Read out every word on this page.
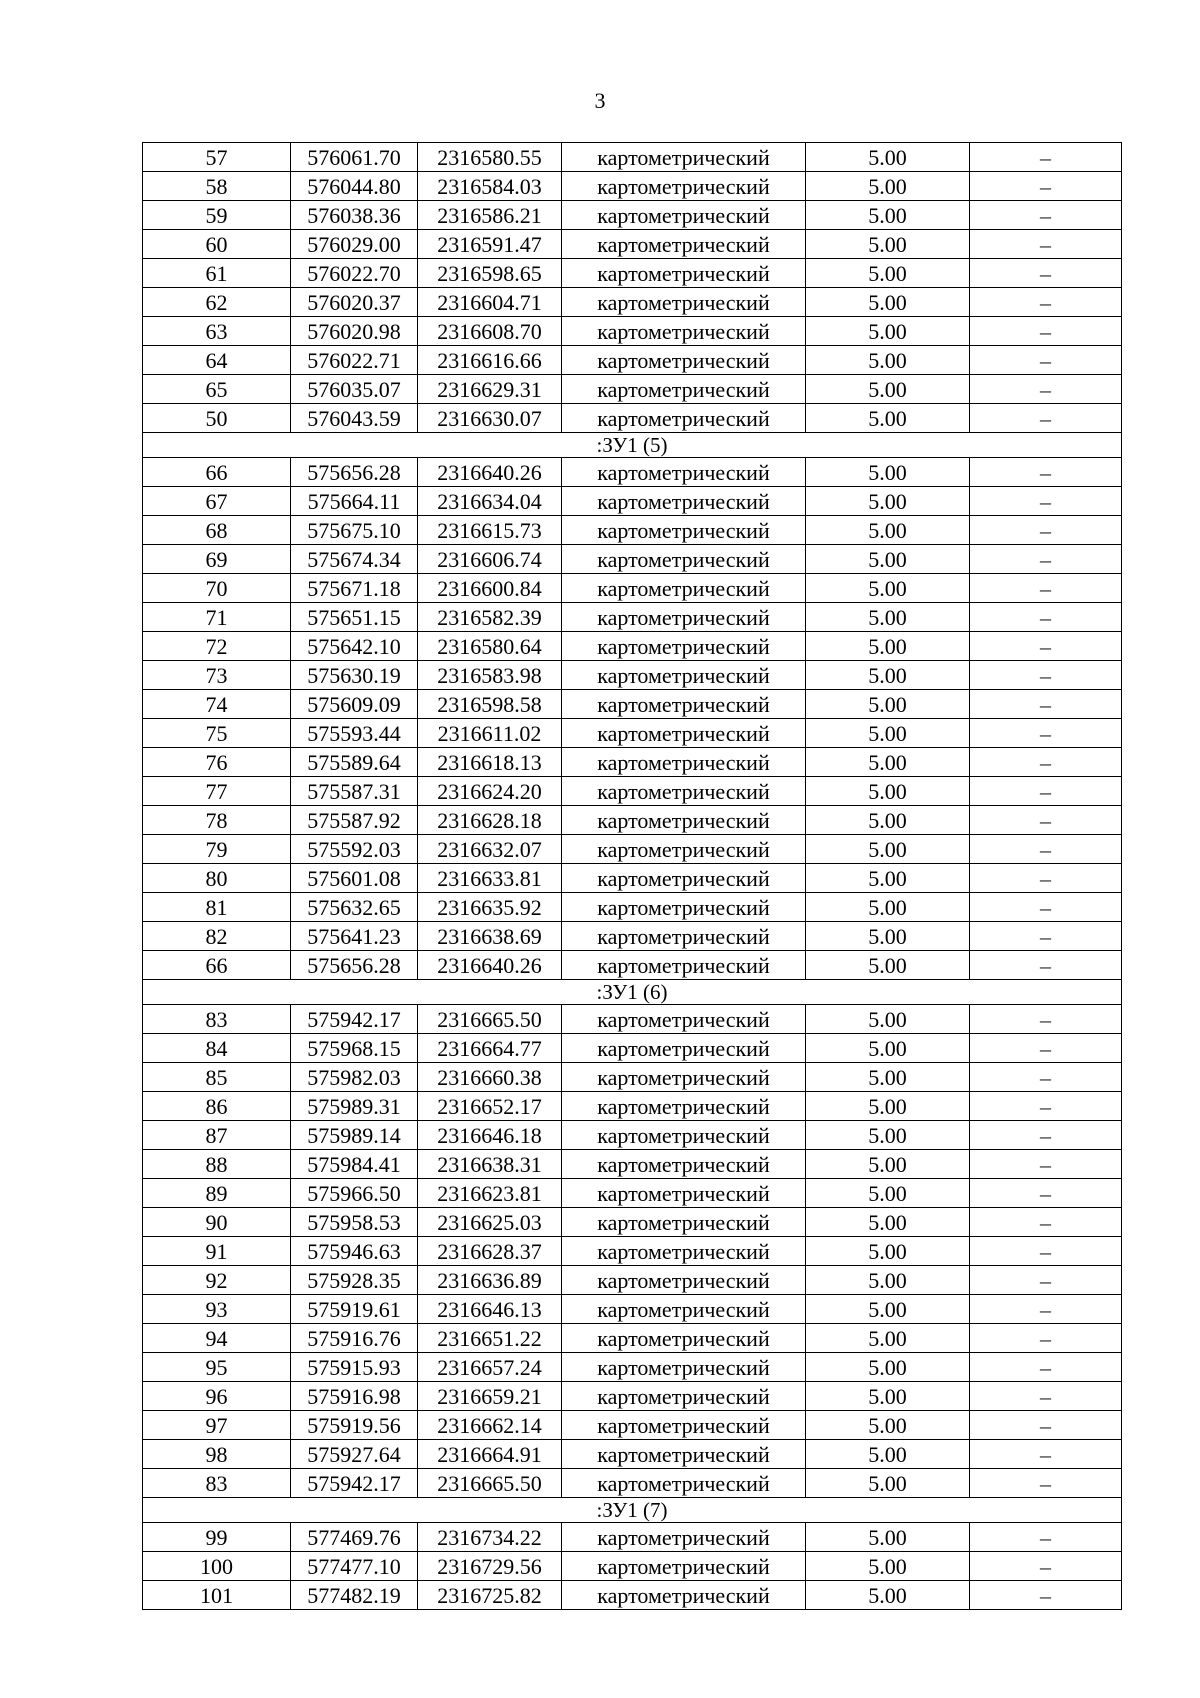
3
57	576061.70	2316580.55	картометрический	5.00	–
58	576044.80	2316584.03	картометрический	5.00	–
59	576038.36	2316586.21	картометрический	5.00	–
60	576029.00	2316591.47	картометрический	5.00	–
61	576022.70	2316598.65	картометрический	5.00	–
62	576020.37	2316604.71	картометрический	5.00	–
63	576020.98	2316608.70	картометрический	5.00	–
64	576022.71	2316616.66	картометрический	5.00	–
65	576035.07	2316629.31	картометрический	5.00	–
50	576043.59	2316630.07	картометрический	5.00	–
:ЗУ1 (5)					
66	575656.28	2316640.26	картометрический	5.00	–
67	575664.11	2316634.04	картометрический	5.00	–
68	575675.10	2316615.73	картометрический	5.00	–
69	575674.34	2316606.74	картометрический	5.00	–
70	575671.18	2316600.84	картометрический	5.00	–
71	575651.15	2316582.39	картометрический	5.00	–
72	575642.10	2316580.64	картометрический	5.00	–
73	575630.19	2316583.98	картометрический	5.00	–
74	575609.09	2316598.58	картометрический	5.00	–
75	575593.44	2316611.02	картометрический	5.00	–
76	575589.64	2316618.13	картометрический	5.00	–
77	575587.31	2316624.20	картометрический	5.00	–
78	575587.92	2316628.18	картометрический	5.00	–
79	575592.03	2316632.07	картометрический	5.00	–
80	575601.08	2316633.81	картометрический	5.00	–
81	575632.65	2316635.92	картометрический	5.00	–
82	575641.23	2316638.69	картометрический	5.00	–
66	575656.28	2316640.26	картометрический	5.00	–
:ЗУ1 (6)					
83	575942.17	2316665.50	картометрический	5.00	–
84	575968.15	2316664.77	картометрический	5.00	–
85	575982.03	2316660.38	картометрический	5.00	–
86	575989.31	2316652.17	картометрический	5.00	–
87	575989.14	2316646.18	картометрический	5.00	–
88	575984.41	2316638.31	картометрический	5.00	–
89	575966.50	2316623.81	картометрический	5.00	–
90	575958.53	2316625.03	картометрический	5.00	–
91	575946.63	2316628.37	картометрический	5.00	–
92	575928.35	2316636.89	картометрический	5.00	–
93	575919.61	2316646.13	картометрический	5.00	–
94	575916.76	2316651.22	картометрический	5.00	–
95	575915.93	2316657.24	картометрический	5.00	–
96	575916.98	2316659.21	картометрический	5.00	–
97	575919.56	2316662.14	картометрический	5.00	–
98	575927.64	2316664.91	картометрический	5.00	–
83	575942.17	2316665.50	картометрический	5.00	–
:ЗУ1 (7)					
99	577469.76	2316734.22	картометрический	5.00	–
100	577477.10	2316729.56	картометрический	5.00	–
101	577482.19	2316725.82	картометрический	5.00	–
